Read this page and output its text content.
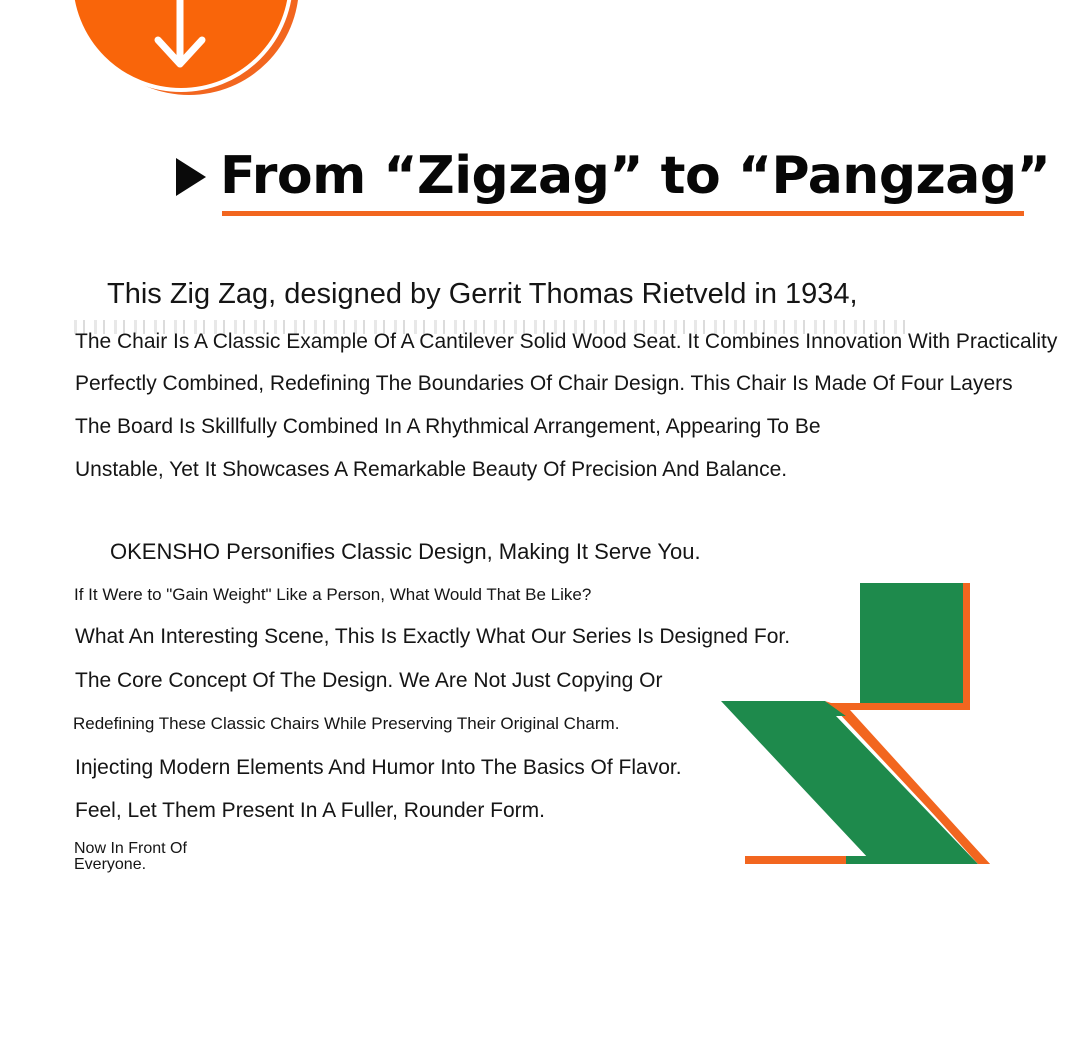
From “Zigzag” to “Pangzag”
This Zig Zag, designed by Gerrit Thomas Rietveld in 1934,
The Chair Is A Classic Example Of A Cantilever Solid Wood Seat. It Combines Innovation With Practicality
Perfectly Combined, Redefining The Boundaries Of Chair Design. This Chair Is Made Of Four Layers
The Board Is Skillfully Combined In A Rhythmical Arrangement, Appearing To Be
Unstable, Yet It Showcases A Remarkable Beauty Of Precision And Balance.
OKENSHO Personifies Classic Design, Making It Serve You.
If It Were to "Gain Weight" Like a Person, What Would That Be Like?
What An Interesting Scene, This Is Exactly What Our Series Is Designed For.
The Core Concept Of The Design. We Are Not Just Copying Or
Redefining These Classic Chairs While Preserving Their Original Charm.
Injecting Modern Elements And Humor Into The Basics Of Flavor.
Feel, Let Them Present In A Fuller, Rounder Form.
Now In Front Of
Everyone.
